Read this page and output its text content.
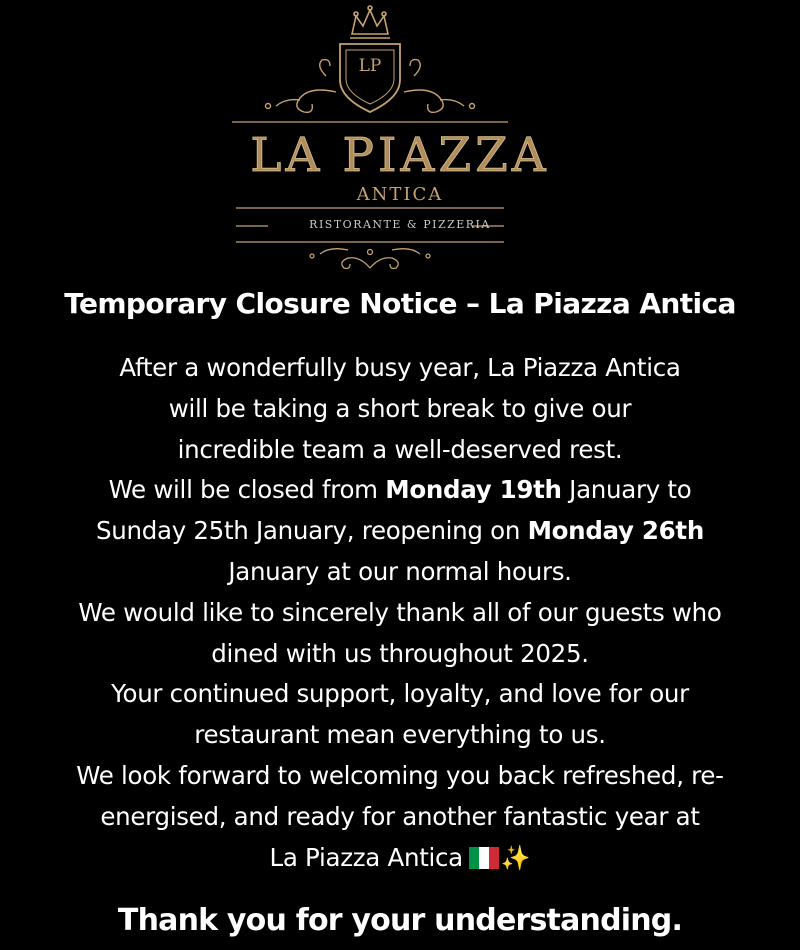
LP
LA PIAZZA
ANTICA
RISTORANTE & PIZZERIA
Temporary Closure Notice – La Piazza Antica
After a wonderfully busy year, La Piazza Antica
will be taking a short break to give our
incredible team a well-deserved rest.
We will be closed from Monday 19th January to
Sunday 25th January, reopening on Monday 26th
January at our normal hours.
We would like to sincerely thank all of our guests who
dined with us throughout 2025.
Your continued support, loyalty, and love for our
restaurant mean everything to us.
We look forward to welcoming you back refreshed, re-
energised, and ready for another fantastic year at
La Piazza Antica ✨
Thank you for your understanding.
